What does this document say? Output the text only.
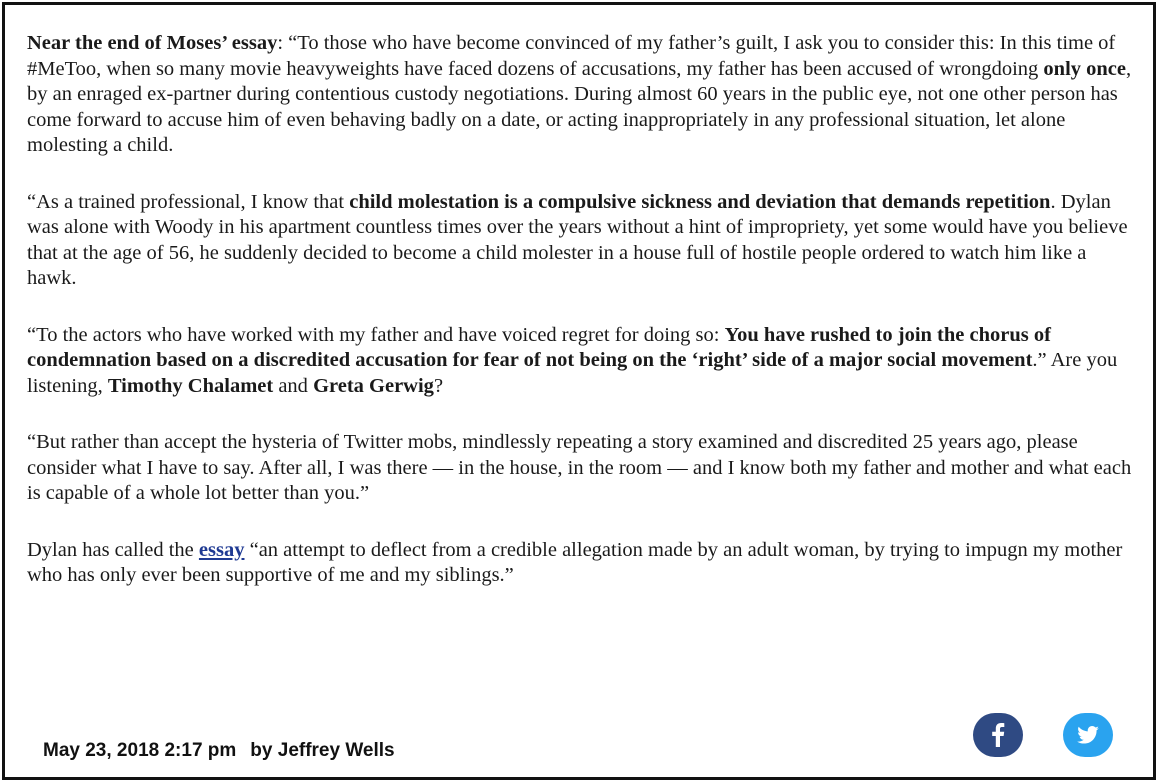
Near the end of Moses’ essay: “To those who have become convinced of my father’s guilt, I ask you to consider this: In this time of #MeToo, when so many movie heavyweights have faced dozens of accusations, my father has been accused of wrongdoing only once, by an enraged ex-partner during contentious custody negotiations. During almost 60 years in the public eye, not one other person has come forward to accuse him of even behaving badly on a date, or acting inappropriately in any professional situation, let alone molesting a child.

“As a trained professional, I know that child molestation is a compulsive sickness and deviation that demands repetition. Dylan was alone with Woody in his apartment countless times over the years without a hint of impropriety, yet some would have you believe that at the age of 56, he suddenly decided to become a child molester in a house full of hostile people ordered to watch him like a hawk.

“To the actors who have worked with my father and have voiced regret for doing so: You have rushed to join the chorus of condemnation based on a discredited accusation for fear of not being on the ‘right’ side of a major social movement.” Are you listening, Timothy Chalamet and Greta Gerwig?

“But rather than accept the hysteria of Twitter mobs, mindlessly repeating a story examined and discredited 25 years ago, please consider what I have to say. After all, I was there — in the house, in the room — and I know both my father and mother and what each is capable of a whole lot better than you.”

Dylan has called the essay “an attempt to deflect from a credible allegation made by an adult woman, by trying to impugn my mother who has only ever been supportive of me and my siblings.”

May 23, 2018 2:17 pm by Jeffrey Wells
